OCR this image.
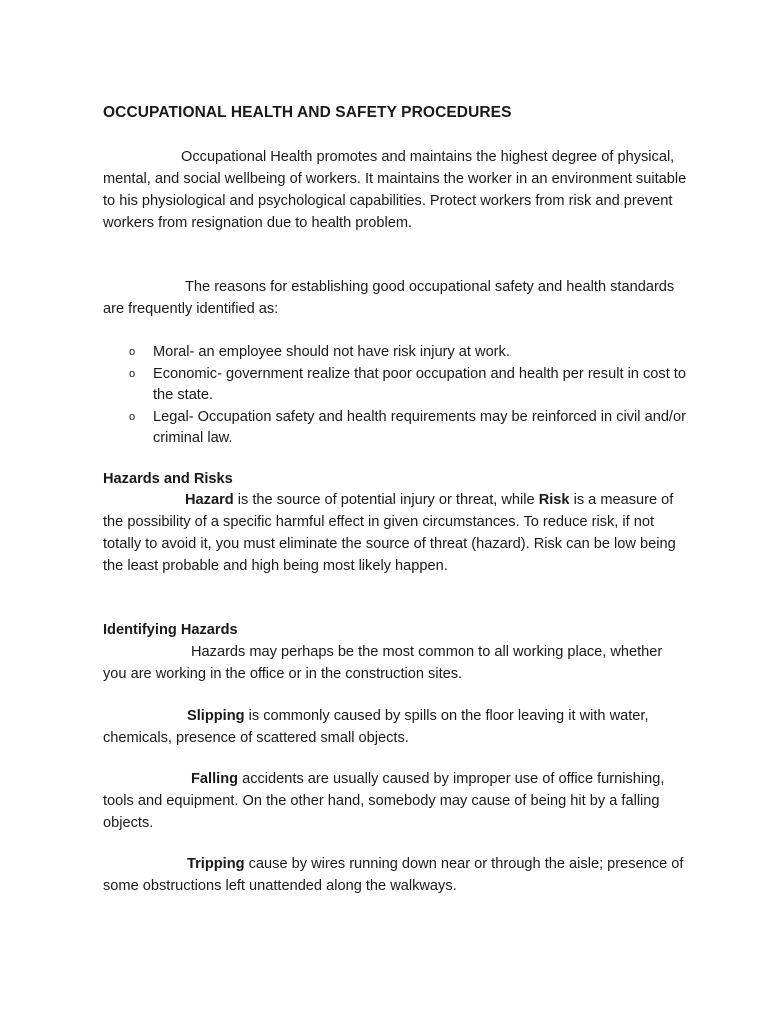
OCCUPATIONAL HEALTH AND SAFETY PROCEDURES

Occupational Health promotes and maintains the highest degree of physical, mental, and social wellbeing of workers. It maintains the worker in an environment suitable to his physiological and psychological capabilities. Protect workers from risk and prevent workers from resignation due to health problem.

The reasons for establishing good occupational safety and health standards are frequently identified as:

o Moral- an employee should not have risk injury at work.
o Economic- government realize that poor occupation and health per result in cost to the state.
o Legal- Occupation safety and health requirements may be reinforced in civil and/or criminal law.
Hazards and Risks

Hazard is the source of potential injury or threat, while Risk is a measure of the possibility of a specific harmful effect in given circumstances. To reduce risk, if not totally to avoid it, you must eliminate the source of threat (hazard). Risk can be low being the least probable and high being most likely happen.

Identifying Hazards

Hazards may perhaps be the most common to all working place, whether you are working in the office or in the construction sites.

Slipping is commonly caused by spills on the floor leaving it with water, chemicals, presence of scattered small objects.

Falling accidents are usually caused by improper use of office furnishing, tools and equipment. On the other hand, somebody may cause of being hit by a falling objects.

Tripping cause by wires running down near or through the aisle; presence of some obstructions left unattended along the walkways.
